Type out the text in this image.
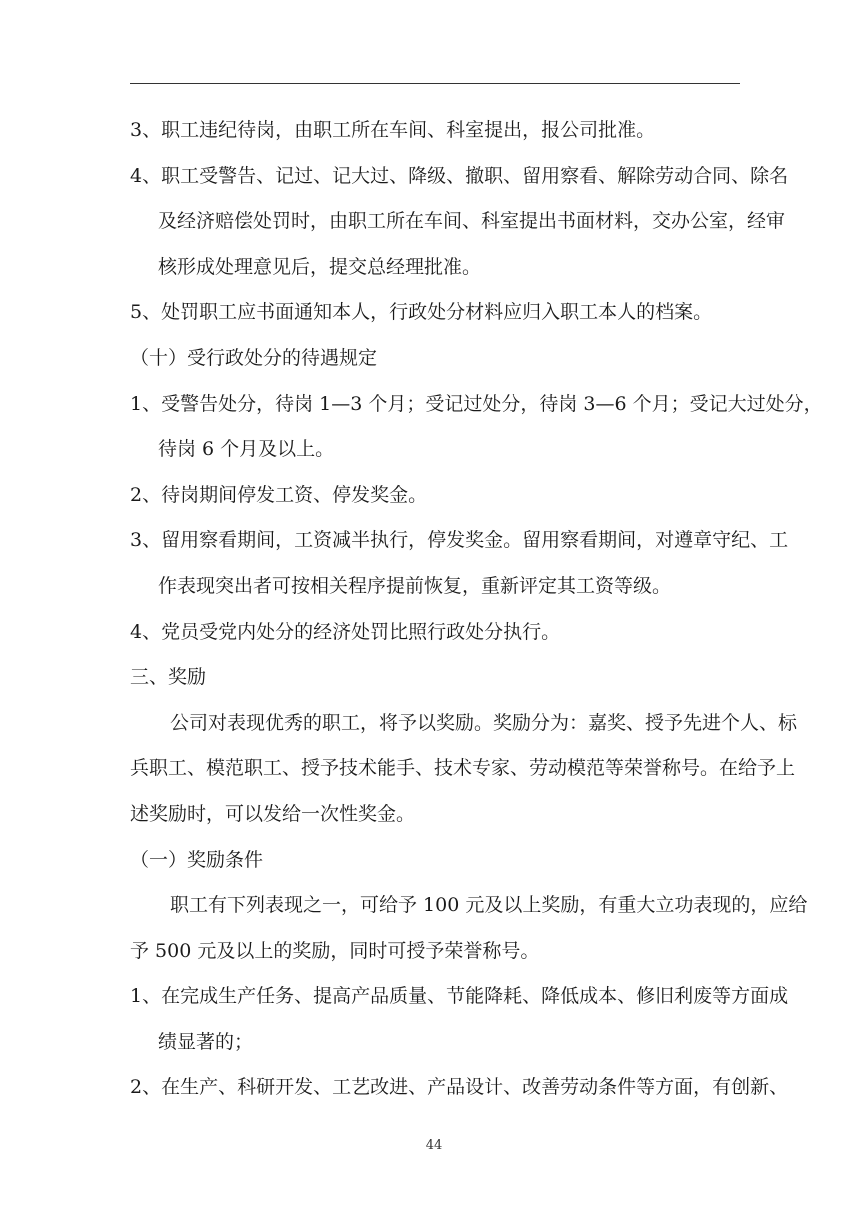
3、职工违纪待岗，由职工所在车间、科室提出，报公司批准。
4、职工受警告、记过、记大过、降级、撤职、留用察看、解除劳动合同、除名
及经济赔偿处罚时，由职工所在车间、科室提出书面材料，交办公室，经审
核形成处理意见后，提交总经理批准。
5、处罚职工应书面通知本人，行政处分材料应归入职工本人的档案。
（十）受行政处分的待遇规定
1、受警告处分，待岗 1—3 个月；受记过处分，待岗 3—6 个月；受记大过处分，
待岗 6 个月及以上。
2、待岗期间停发工资、停发奖金。
3、留用察看期间，工资减半执行，停发奖金。留用察看期间，对遵章守纪、工
作表现突出者可按相关程序提前恢复，重新评定其工资等级。
4、党员受党内处分的经济处罚比照行政处分执行。
三、奖励
公司对表现优秀的职工，将予以奖励。奖励分为：嘉奖、授予先进个人、标
兵职工、模范职工、授予技术能手、技术专家、劳动模范等荣誉称号。在给予上
述奖励时，可以发给一次性奖金。
（一）奖励条件
职工有下列表现之一，可给予 100 元及以上奖励，有重大立功表现的，应给
予 500 元及以上的奖励，同时可授予荣誉称号。
1、在完成生产任务、提高产品质量、节能降耗、降低成本、修旧利废等方面成
绩显著的；
2、在生产、科研开发、工艺改进、产品设计、改善劳动条件等方面，有创新、
44
